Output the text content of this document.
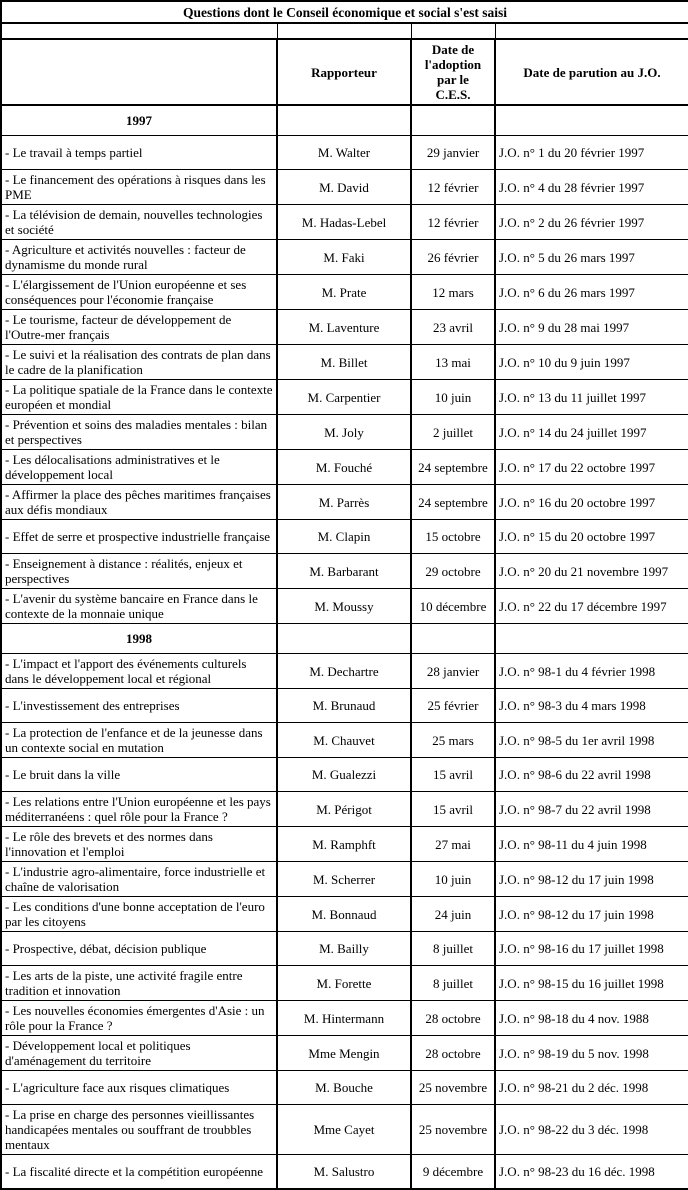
Questions dont le Conseil économique et social s'est saisi			

	Rapporteur	Date de l'adoption par le C.E.S.	Date de parution au J.O.
1997			
- Le travail à temps partiel	M. Walter	29 janvier	J.O. n° 1 du 20 février 1997
- Le financement des opérations à risques dans les PME	M. David	12 février	J.O. n° 4 du 28 février 1997
- La télévision de demain, nouvelles technologies et société	M. Hadas-Lebel	12 février	J.O. n° 2 du 26 février 1997
- Agriculture et activités nouvelles : facteur de dynamisme du monde rural	M. Faki	26 février	J.O. n° 5 du 26 mars 1997
- L'élargissement de l'Union européenne et ses conséquences pour l'économie française	M. Prate	12 mars	J.O. n° 6 du 26 mars 1997
- Le tourisme, facteur de développement de l'Outre-mer français	M. Laventure	23 avril	J.O. n° 9 du 28 mai 1997
- Le suivi et la réalisation des contrats de plan dans le cadre de la planification	M. Billet	13 mai	J.O. n° 10 du 9 juin 1997
- La politique spatiale de la France dans le contexte européen et mondial	M. Carpentier	10 juin	J.O. n° 13 du 11 juillet 1997
- Prévention et soins des maladies mentales : bilan et perspectives	M. Joly	2 juillet	J.O. n° 14 du 24 juillet 1997
- Les délocalisations administratives et le développement local	M. Fouché	24 septembre	J.O. n° 17 du 22 octobre 1997
- Affirmer la place des pêches maritimes françaises aux défis mondiaux	M. Parrès	24 septembre	J.O. n° 16 du 20 octobre 1997
- Effet de serre et prospective industrielle française	M. Clapin	15 octobre	J.O. n° 15 du 20 octobre 1997
- Enseignement à distance : réalités, enjeux et perspectives	M. Barbarant	29 octobre	J.O. n° 20 du 21 novembre 1997
- L'avenir du système bancaire en France dans le contexte de la monnaie unique	M. Moussy	10 décembre	J.O. n° 22 du 17 décembre 1997
1998			
- L'impact et l'apport des événements culturels dans le développement local et régional	M. Dechartre	28 janvier	J.O. n° 98-1 du 4 février 1998
- L'investissement des entreprises	M. Brunaud	25 février	J.O. n° 98-3 du 4 mars 1998
- La protection de l'enfance et de la jeunesse dans un contexte social en mutation	M. Chauvet	25 mars	J.O. n° 98-5 du 1er avril 1998
- Le bruit dans la ville	M. Gualezzi	15 avril	J.O. n° 98-6 du 22 avril 1998
- Les relations entre l'Union européenne et les pays méditerranéens : quel rôle pour la France ?	M. Périgot	15 avril	J.O. n° 98-7 du 22 avril 1998
- Le rôle des brevets et des normes dans l'innovation et l'emploi	M. Ramphft	27 mai	J.O. n° 98-11 du 4 juin 1998
- L'industrie agro-alimentaire, force industrielle et chaîne de valorisation	M. Scherrer	10 juin	J.O. n° 98-12 du 17 juin 1998
- Les conditions d'une bonne acceptation de l'euro par les citoyens	M. Bonnaud	24 juin	J.O. n° 98-12 du 17 juin 1998
- Prospective, débat, décision publique	M. Bailly	8 juillet	J.O. n° 98-16 du 17 juillet 1998
- Les arts de la piste, une activité fragile entre tradition et innovation	M. Forette	8 juillet	J.O. n° 98-15 du 16 juillet 1998
- Les nouvelles économies émergentes d'Asie : un rôle pour la France ?	M. Hintermann	28 octobre	J.O. n° 98-18 du 4 nov. 1988
- Développement local et politiques d'aménagement du territoire	Mme Mengin	28 octobre	J.O. n° 98-19 du 5 nov. 1998
- L'agriculture face aux risques climatiques	M. Bouche	25 novembre	J.O. n° 98-21 du 2 déc. 1998
- La prise en charge des personnes vieillissantes handicapées mentales ou souffrant de troubbles mentaux	Mme Cayet	25 novembre	J.O. n° 98-22 du 3 déc. 1998
- La fiscalité directe et la compétition européenne	M. Salustro	9 décembre	J.O. n° 98-23 du 16 déc. 1998
